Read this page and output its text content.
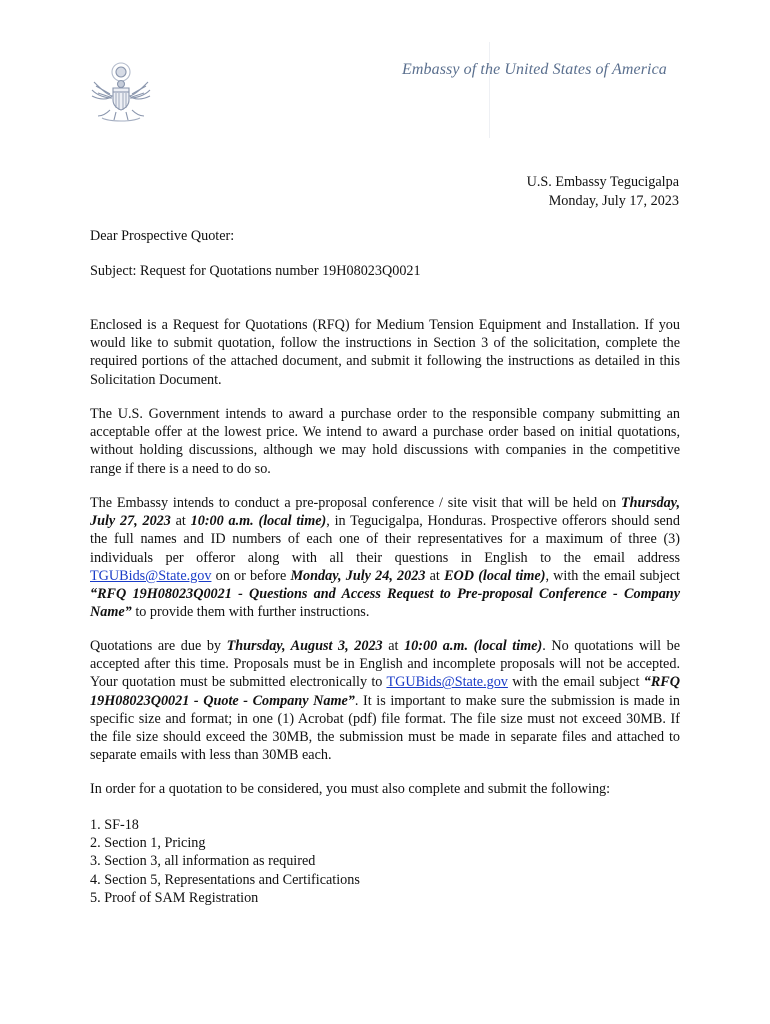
Embassy of the United States of America
U.S. Embassy Tegucigalpa
Monday, July 17, 2023
Dear Prospective Quoter:
Subject: Request for Quotations number 19H08023Q0021
Enclosed is a Request for Quotations (RFQ) for Medium Tension Equipment and Installation. If you would like to submit quotation, follow the instructions in Section 3 of the solicitation, complete the required portions of the attached document, and submit it following the instructions as detailed in this Solicitation Document.
The U.S. Government intends to award a purchase order to the responsible company submitting an acceptable offer at the lowest price. We intend to award a purchase order based on initial quotations, without holding discussions, although we may hold discussions with companies in the competitive range if there is a need to do so.
The Embassy intends to conduct a pre-proposal conference / site visit that will be held on Thursday, July 27, 2023 at 10:00 a.m. (local time), in Tegucigalpa, Honduras. Prospective offerors should send the full names and ID numbers of each one of their representatives for a maximum of three (3) individuals per offeror along with all their questions in English to the email address TGUBids@State.gov on or before Monday, July 24, 2023 at EOD (local time), with the email subject “RFQ 19H08023Q0021 - Questions and Access Request to Pre-proposal Conference - Company Name” to provide them with further instructions.
Quotations are due by Thursday, August 3, 2023 at 10:00 a.m. (local time). No quotations will be accepted after this time. Proposals must be in English and incomplete proposals will not be accepted. Your quotation must be submitted electronically to TGUBids@State.gov with the email subject “RFQ 19H08023Q0021 - Quote - Company Name”. It is important to make sure the submission is made in specific size and format; in one (1) Acrobat (pdf) file format. The file size must not exceed 30MB. If the file size should exceed the 30MB, the submission must be made in separate files and attached to separate emails with less than 30MB each.
In order for a quotation to be considered, you must also complete and submit the following:
1. SF-18
2. Section 1, Pricing
3. Section 3, all information as required
4. Section 5, Representations and Certifications
5. Proof of SAM Registration
